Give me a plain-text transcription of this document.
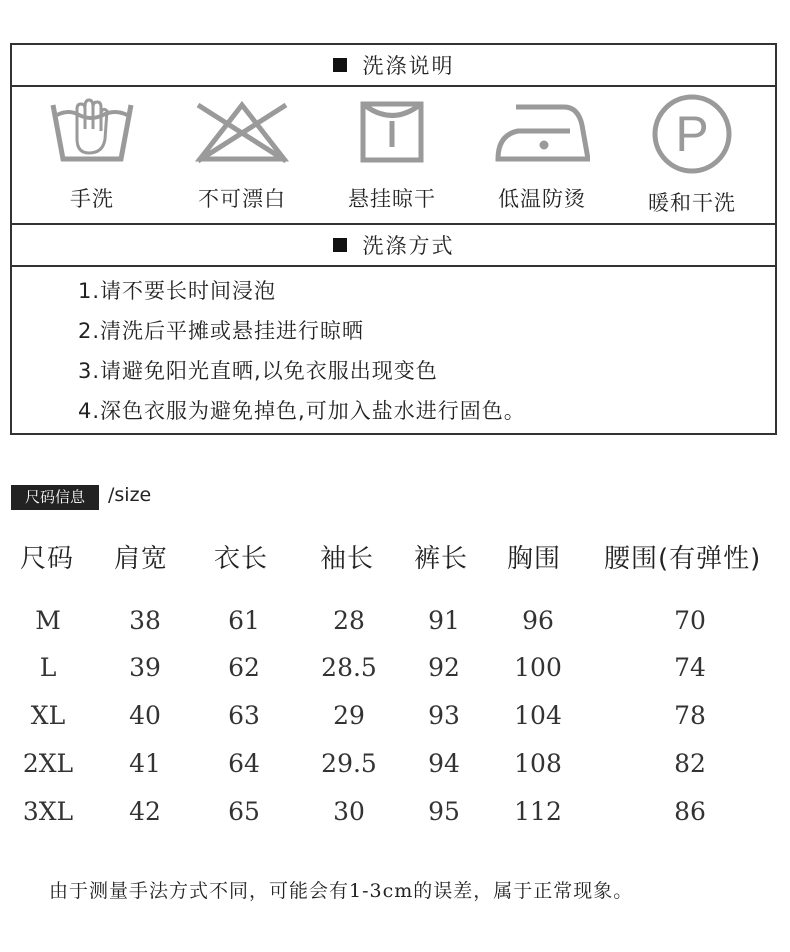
洗涤说明
手洗	不可漂白	悬挂晾干	低温防烫
P
暖和干洗
洗涤方式
1.请不要长时间浸泡
2.清洗后平摊或悬挂进行晾晒
3.请避免阳光直晒,以免衣服出现变色
4.深色衣服为避免掉色,可加入盐水进行固色。
尺码信息	/size
尺码 肩宽 衣长 袖长 裤长 胸围 腰围(有弹性)
M	38	61	28	91 96	70
L	39	62 28.5 92 100	74
XL	40	63	29	93 104	78
2XL 41	64 29.5 94 108	82
3XL 42	65	30	95 112	86
由于测量手法方式不同，可能会有1-3cm的误差，属于正常现象。
